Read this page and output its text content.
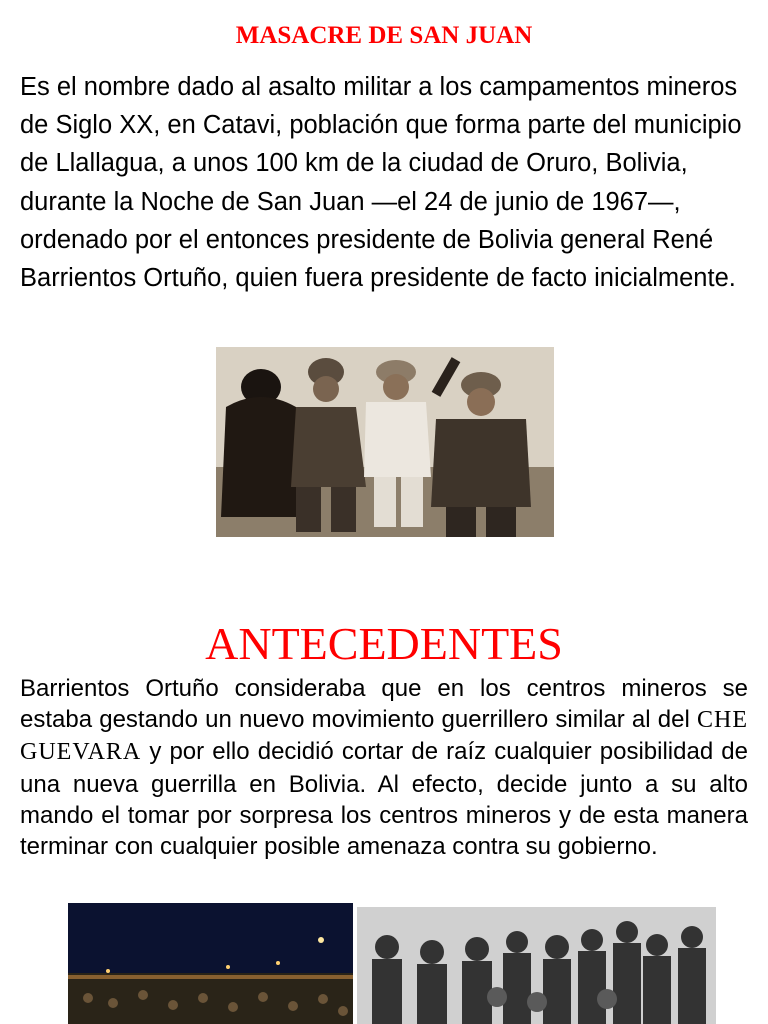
MASACRE DE SAN JUAN

Es el nombre dado al asalto militar a los campamentos mineros de Siglo XX, en Catavi, población que forma parte del municipio de Llallagua, a unos 100 km de la ciudad de Oruro, Bolivia, durante la Noche de San Juan —el 24 de junio de 1967—, ordenado por el entonces presidente de Bolivia general René Barrientos Ortuño, quien fuera presidente de facto inicialmente.

ANTECEDENTES

Barrientos Ortuño consideraba que en los centros mineros se estaba gestando un nuevo movimiento guerrillero similar al del CHE GUEVARA y por ello decidió cortar de raíz cualquier posibilidad de una nueva guerrilla en Bolivia. Al efecto, decide junto a su alto mando el tomar por sorpresa los centros mineros y de esta manera terminar con cualquier posible amenaza contra su gobierno.
